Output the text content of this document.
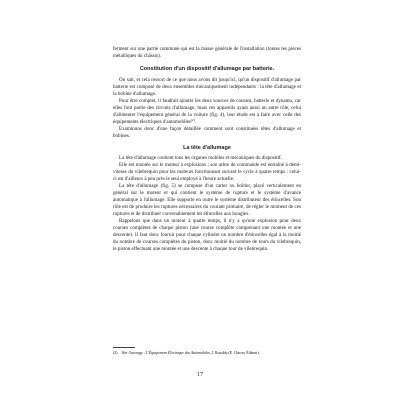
ferment sur une partie commune qui est la masse générale de l'installation (toutes les pièces métalliques du châssis).

Constitution d'un dispositif d'allumage par batterie.

On sait, et cela ressort de ce que nous avons dit jusqu'ici, qu'un dispositif d'allumage par batterie est composé de deux ensembles mécaniquement indépendants : la tête d'allumage et la bobine d'allumage.

Pour être complet, il faudrait ajouter les deux sources de courant, batterie et dynamo, car elles font partie des circuits d'allumage, mais ces appareils ayant aussi un autre rôle, celui d'alimenter l'équipement général de la voiture (fig. 4), leur étude est à faire avec celle des équipements électriques d'automobiles$^{(2)}$.

Examinons donc d'une façon détaillée comment sont constituées têtes d'allumage et bobines.

La tête d'allumage

La tête d'allumage contient tous les organes mobiles et mécaniques du dispositif.

Elle est montée sur le moteur à explosions ; son arbre de commande est entraîné à demi-vitesse du vilebrequin pour les moteurs fonctionnant suivant le cycle à quatre temps : celui-ci est d'ailleurs à peu près le seul employé à l'heure actuelle.

La tête d'allumage (fig. 5) se compose d'un carter ou boîtier, placé verticalement en général sur le moteur et qui contient le système de rupture et le système d'avance automatique à l'allumage. Elle supporte en outre le système distributeur des étincelles. Son rôle est de produire les ruptures nécessaires du courant primaire, de régler le moment de ces ruptures et de distribuer convenablement les étincelles aux bougies.

Rappelons que dans un moteur à quatre temps, il n'y a qu'une explosion pour deux courses complètes de chaque piston (une course complète comprenant une montée et une descente). Il faut donc fournir pour chaque cylindre un nombre d'étincelles égal à la moitié du nombre de courses complètes du piston, donc moitié du nombre de tours du vilebrequin, le piston effectuant une montée et une descente à chaque tour de vilebrequin.

(2) Voir l'ouvrage : L'Équipement Électrique des Automobiles, J. Rosaldy (E. Chiron, Éditeur).
17
